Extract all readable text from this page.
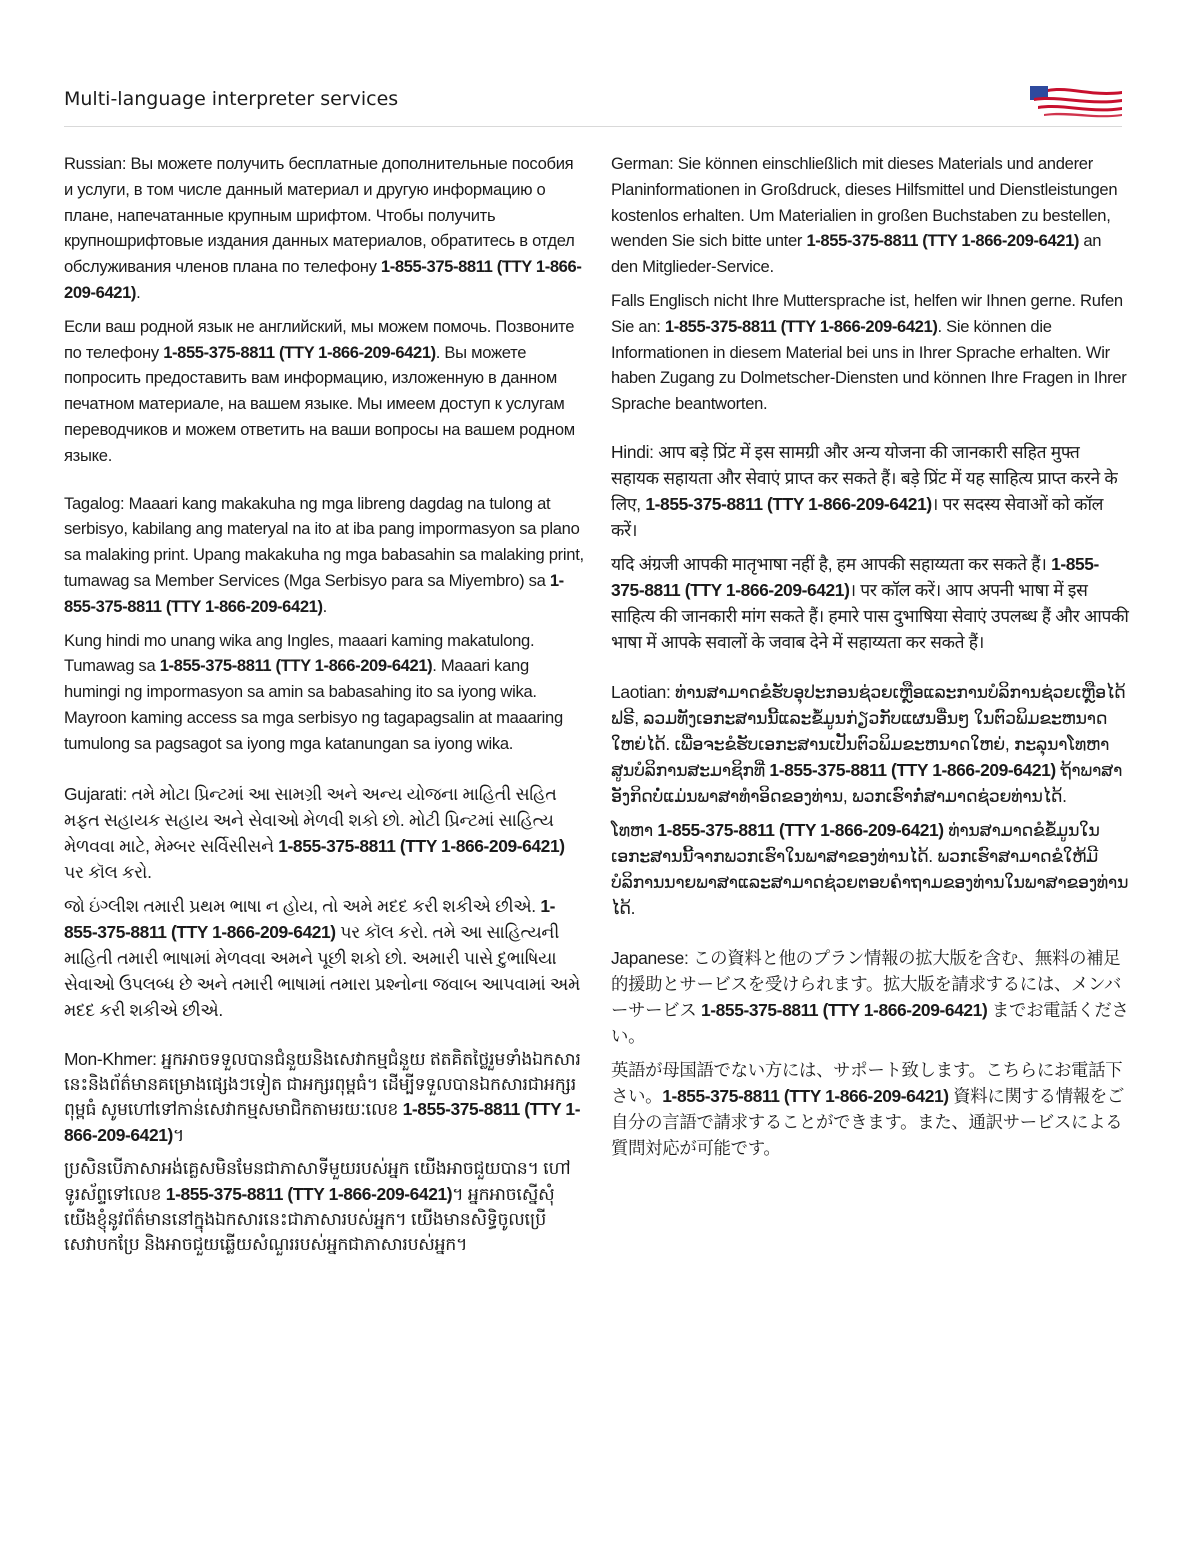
Multi-language interpreter services

Russian: Вы можете получить бесплатные дополнительные пособия и услуги, в том числе данный материал и другую информацию о плане, напечатанные крупным шрифтом. Чтобы получить крупношрифтовые издания данных материалов, обратитесь в отдел обслуживания членов плана по телефону 1-855-375-8811 (TTY 1-866-209-6421).

Если ваш родной язык не английский, мы можем помочь. Позвоните по телефону 1-855-375-8811 (TTY 1-866-209-6421). Вы можете попросить предоставить вам информацию, изложенную в данном печатном материале, на вашем языке. Мы имеем доступ к услугам переводчиков и можем ответить на ваши вопросы на вашем родном языке.

Tagalog: Maaari kang makakuha ng mga libreng dagdag na tulong at serbisyo, kabilang ang materyal na ito at iba pang impormasyon sa plano sa malaking print. Upang makakuha ng mga babasahin sa malaking print, tumawag sa Member Services (Mga Serbisyo para sa Miyembro) sa 1-855-375-8811 (TTY 1-866-209-6421).

Kung hindi mo unang wika ang Ingles, maaari kaming makatulong. Tumawag sa 1-855-375-8811 (TTY 1-866-209-6421). Maaari kang humingi ng impormasyon sa amin sa babasahing ito sa iyong wika. Mayroon kaming access sa mga serbisyo ng tagapagsalin at maaaring tumulong sa pagsagot sa iyong mga katanungan sa iyong wika.

Gujarati: તમે મોટા પ્રિન્ટમાં આ સામગ્રી અને અન્ય યોજના માહિતી સહિત મફત સહાયક સહાય અને સેવાઓ મેળવી શકો છો. મોટી પ્રિન્ટમાં સાહિત્ય મેળવવા માટે, મેમ્બર સર્વિસીસને 1-855-375-8811 (TTY 1-866-209-6421) પર કૉલ કરો.

જો ઇંગ્લીશ તમારી પ્રથમ ભાષા ન હોય, તો અમે મદદ કરી શકીએ છીએ. 1-855-375-8811 (TTY 1-866-209-6421) પર કૉલ કરો. તમે આ સાહિત્યની માહિતી તમારી ભાષામાં મેળવવા અમને પૂછી શકો છો. અમારી પાસે દુભાષિયા સેવાઓ ઉપલબ્ધ છે અને તમારી ભાષામાં તમારા પ્રશ્નોના જવાબ આપવામાં અમે મદદ કરી શકીએ છીએ.

Mon-Khmer: អ្នកអាចទទួលបានជំនួយនិងសេវាកម្មជំនួយ ឥតគិតថ្លៃរួមទាំងឯកសារនេះនិងព័ត៌មានគម្រោងផ្សេងៗទៀត ជាអក្សរពុម្ពធំ។ ដើម្បីទទួលបានឯកសារជាអក្សរពុម្ពធំ សូមហៅទៅកាន់សេវាកម្មសមាជិកតាមរយៈលេខ 1-855-375-8811 (TTY 1-866-209-6421)។

ប្រសិនបើភាសាអង់គ្លេសមិនមែនជាភាសាទីមួយរបស់អ្នក យើងអាចជួយបាន។ ហៅទូរស័ព្ទទៅលេខ 1-855-375-8811 (TTY 1-866-209-6421)។ អ្នកអាចស្នើសុំយើងខ្ញុំនូវព័ត៌មាននៅក្នុងឯកសារនេះជាភាសារបស់អ្នក។ យើងមានសិទ្ធិចូលប្រើសេវាបកប្រែ និងអាចជួយឆ្លើយសំណួររបស់អ្នកជាភាសារបស់អ្នក។

German: Sie können einschließlich mit dieses Materials und anderer Planinformationen in Großdruck, dieses Hilfsmittel und Dienstleistungen kostenlos erhalten. Um Materialien in großen Buchstaben zu bestellen, wenden Sie sich bitte unter 1-855-375-8811 (TTY 1-866-209-6421) an den Mitglieder-Service.

Falls Englisch nicht Ihre Muttersprache ist, helfen wir Ihnen gerne. Rufen Sie an: 1-855-375-8811 (TTY 1-866-209-6421). Sie können die Informationen in diesem Material bei uns in Ihrer Sprache erhalten. Wir haben Zugang zu Dolmetscher-Diensten und können Ihre Fragen in Ihrer Sprache beantworten.

Hindi: आप बड़े प्रिंट में इस सामग्री और अन्य योजना की जानकारी सहित मुफ्त सहायक सहायता और सेवाएं प्राप्त कर सकते हैं। बड़े प्रिंट में यह साहित्य प्राप्त करने के लिए, 1-855-375-8811 (TTY 1-866-209-6421)। पर सदस्य सेवाओं को कॉल करें।

यदि अंग्रजी आपकी मातृभाषा नहीं है, हम आपकी सहाय्यता कर सकते हैं। 1-855-375-8811 (TTY 1-866-209-6421)। पर कॉल करें। आप अपनी भाषा में इस साहित्य की जानकारी मांग सकते हैं। हमारे पास दुभाषिया सेवाएं उपलब्ध हैं और आपकी भाषा में आपके सवालों के जवाब देने में सहाय्यता कर सकते हैं।

Laotian: ທ່ານສາມາດຂໍຮັບອຸປະກອນຊ່ວຍເຫຼືອແລະການບໍລິການຊ່ວຍເຫຼືອໄດ້ຟຣີ, ລວມທັງເອກະສານນີ້ແລະຂໍ້ມູນກ່ຽວກັບແຜນອື່ນໆ ໃນຕົວພິມຂະຫນາດໃຫຍ່ໄດ້. ເພື່ອຈະຂໍຮັບເອກະສານເປັນຕົວພິມຂະຫນາດໃຫຍ່, ກະລຸນາໂທຫາສູນບໍລິການສະມາຊິກທີ່ 1-855-375-8811 (TTY 1-866-209-6421) ຖ້າພາສາອັງກິດບໍ່ແມ່ນພາສາທໍາອິດຂອງທ່ານ, ພວກເຮົາກໍ່ສາມາດຊ່ວຍທ່ານໄດ້.

ໂທຫາ 1-855-375-8811 (TTY 1-866-209-6421) ທ່ານສາມາດຂໍຂໍ້ມູນໃນເອກະສານນີ້ຈາກພວກເຮົາໃນພາສາຂອງທ່ານໄດ້. ພວກເຮົາສາມາດຂໍໃຫ້ມີບໍລິການນາຍພາສາແລະສາມາດຊ່ວຍຕອບຄໍາຖາມຂອງທ່ານໃນພາສາຂອງທ່ານໄດ້.

Japanese: この資料と他のプラン情報の拡大版を含む、無料の補足的援助とサービスを受けられます。拡大版を請求するには、メンバーサービス 1-855-375-8811 (TTY 1-866-209-6421) までお電話ください。

英語が母国語でない方には、サポート致します。こちらにお電話下さい。1-855-375-8811 (TTY 1-866-209-6421) 資料に関する情報をご自分の言語で請求することができます。また、通訳サービスによる質問対応が可能です。
